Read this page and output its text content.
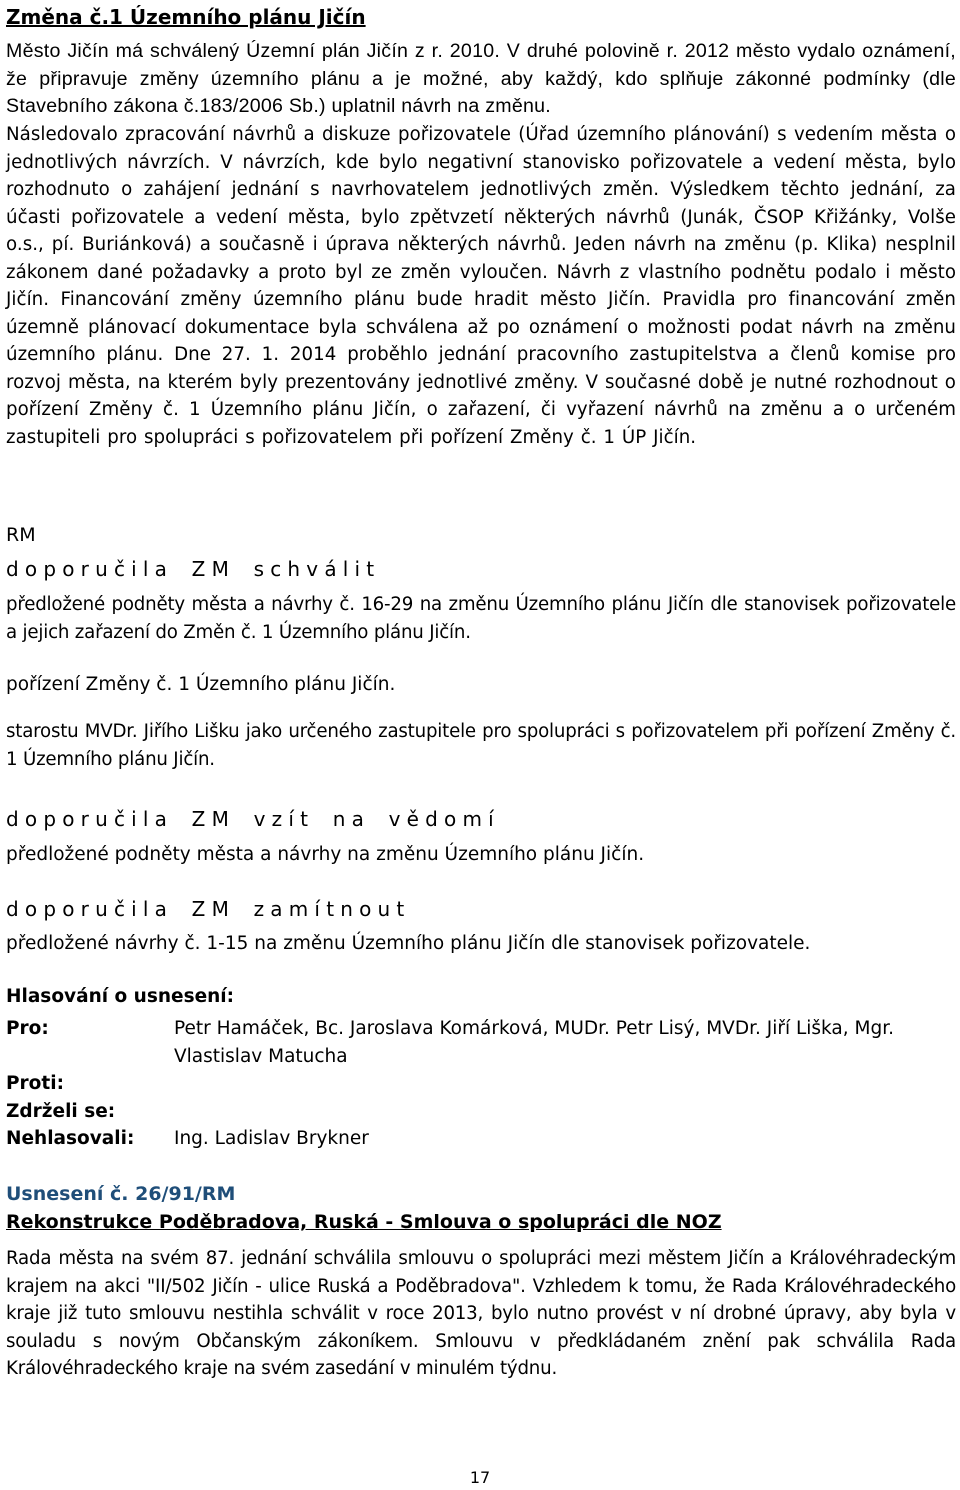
Změna č.1 Územního plánu Jičín

Město Jičín má schválený Územní plán Jičín z r. 2010. V druhé polovině r. 2012 město vydalo oznámení, že připravuje změny územního plánu a je možné, aby každý, kdo splňuje zákonné podmínky (dle Stavebního zákona č.183/2006 Sb.) uplatnil návrh na změnu.

Následovalo zpracování návrhů a diskuze pořizovatele (Úřad územního plánování) s vedením města o jednotlivých návrzích. V návrzích, kde bylo negativní stanovisko pořizovatele a vedení města, bylo rozhodnuto o zahájení jednání s navrhovatelem jednotlivých změn. Výsledkem těchto jednání, za účasti pořizovatele a vedení města, bylo zpětvzetí některých návrhů (Junák, ČSOP Křižánky, Volše o.s., pí. Buriánková) a současně i úprava některých návrhů. Jeden návrh na změnu (p. Klika) nesplnil zákonem dané požadavky a proto byl ze změn vyloučen. Návrh z vlastního podnětu podalo i město Jičín. Financování změny územního plánu bude hradit město Jičín. Pravidla pro financování změn územně plánovací dokumentace byla schválena až po oznámení o možnosti podat návrh na změnu územního plánu. Dne 27. 1. 2014 proběhlo jednání pracovního zastupitelstva a členů komise pro rozvoj města, na kterém byly prezentovány jednotlivé změny. V současné době je nutné rozhodnout o pořízení Změny č. 1 Územního plánu Jičín, o zařazení, či vyřazení návrhů na změnu a o určeném zastupiteli pro spolupráci s pořizovatelem při pořízení Změny č. 1 ÚP Jičín.

RM
doporučila ZM schválit

předložené podněty města a návrhy č. 16-29 na změnu Územního plánu Jičín dle stanovisek pořizovatele a jejich zařazení do Změn č. 1 Územního plánu Jičín.

pořízení Změny č. 1 Územního plánu Jičín.

starostu MVDr. Jiřího Lišku jako určeného zastupitele pro spolupráci s pořizovatelem při pořízení Změny č. 1 Územního plánu Jičín.

doporučila ZM vzít na vědomí
předložené podněty města a návrhy na změnu Územního plánu Jičín.
doporučila ZM zamítnout
předložené návrhy č. 1-15 na změnu Územního plánu Jičín dle stanovisek pořizovatele.
Hlasování o usnesení:
Pro:	Petr Hamáček, Bc. Jaroslava Komárková, MUDr. Petr Lisý, MVDr. Jiří Liška, Mgr. Vlastislav Matucha
Proti:
Zdrželi se:
Nehlasovali:	Ing. Ladislav Brykner
Usnesení č. 26/91/RM
Rekonstrukce Poděbradova, Ruská - Smlouva o spolupráci dle NOZ

Rada města na svém 87. jednání schválila smlouvu o spolupráci mezi městem Jičín a Královéhradeckým krajem na akci "II/502 Jičín - ulice Ruská a Poděbradova". Vzhledem k tomu, že Rada Královéhradeckého kraje již tuto smlouvu nestihla schválit v roce 2013, bylo nutno provést v ní drobné úpravy, aby byla v souladu s novým Občanským zákoníkem. Smlouvu v předkládaném znění pak schválila Rada Královéhradeckého kraje na svém zasedání v minulém týdnu.

17
